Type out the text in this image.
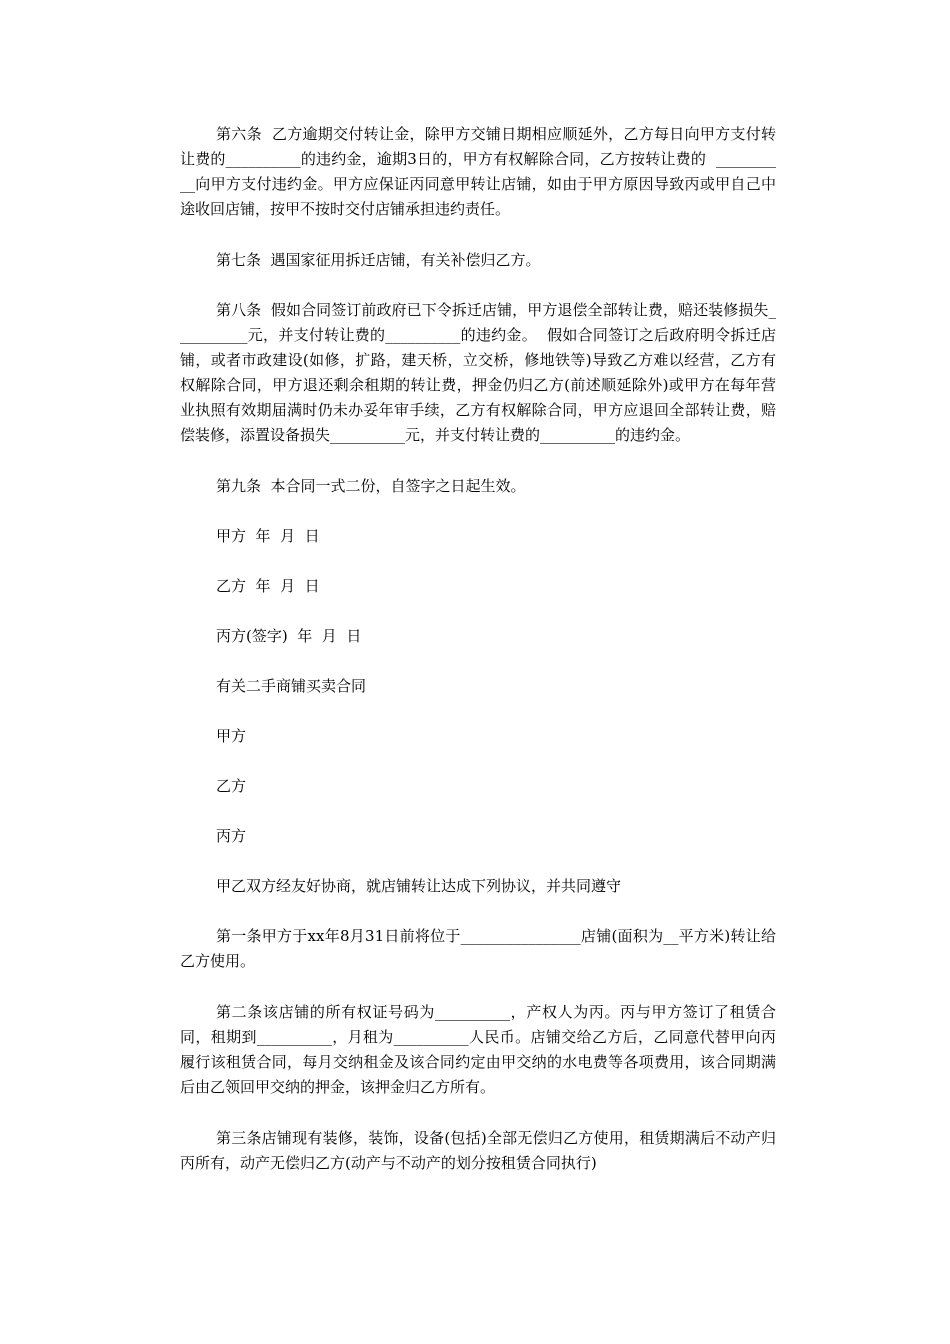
第六条  乙方逾期交付转让金，除甲方交铺日期相应顺延外，乙方每日向甲方支付转让费的__________的违约金，逾期3日的，甲方有权解除合同，乙方按转让费的  __________向甲方支付违约金。甲方应保证丙同意甲转让店铺，如由于甲方原因导致丙或甲自己中途收回店铺，按甲不按时交付店铺承担违约责任。

第七条  遇国家征用拆迁店铺，有关补偿归乙方。

第八条  假如合同签订前政府已下令拆迁店铺，甲方退偿全部转让费，赔还装修损失__________元，并支付转让费的__________的违约金。  假如合同签订之后政府明令拆迁店铺，或者市政建设(如修，扩路，建天桥，立交桥，修地铁等)导致乙方难以经营，乙方有权解除合同，甲方退还剩余租期的转让费，押金仍归乙方(前述顺延除外)或甲方在每年营业执照有效期届满时仍未办妥年审手续，乙方有权解除合同，甲方应退回全部转让费，赔偿装修，添置设备损失__________元，并支付转让费的__________的违约金。

第九条  本合同一式二份，自签字之日起生效。

甲方  年  月  日

乙方  年  月  日

丙方(签字)  年  月  日

有关二手商铺买卖合同

甲方

乙方

丙方

甲乙双方经友好协商，就店铺转让达成下列协议，并共同遵守

第一条甲方于xx年8月31日前将位于________________店铺(面积为__平方米)转让给乙方使用。

第二条该店铺的所有权证号码为__________，产权人为丙。丙与甲方签订了租赁合同，租期到__________，月租为__________人民币。店铺交给乙方后，乙同意代替甲向丙履行该租赁合同，每月交纳租金及该合同约定由甲交纳的水电费等各项费用，该合同期满后由乙领回甲交纳的押金，该押金归乙方所有。

第三条店铺现有装修，装饰，设备(包括)全部无偿归乙方使用，租赁期满后不动产归丙所有，动产无偿归乙方(动产与不动产的划分按租赁合同执行)
